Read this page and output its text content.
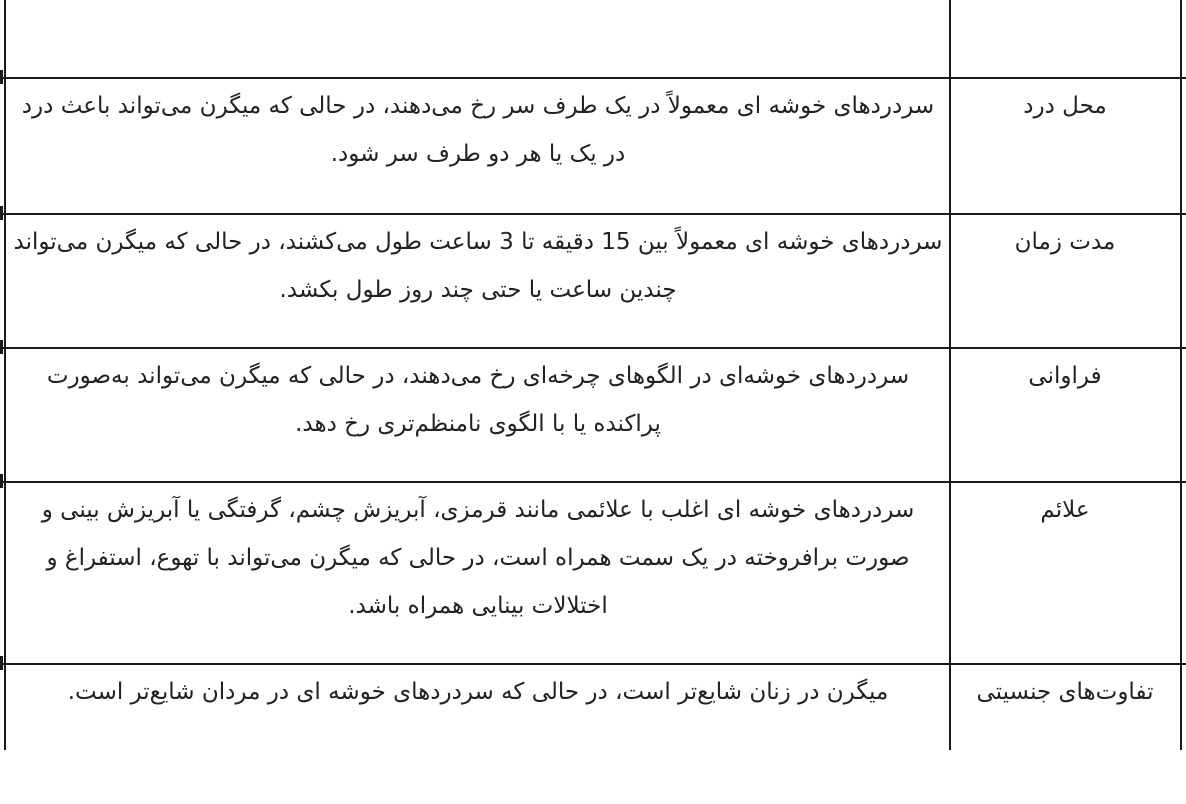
سردردهای خوشه ای معمولاً در یک طرف سر رخ می‌دهند، در حالی که میگرن می‌تواند باعث درد در یک یا هر دو طرف سر شود.
محل درد
سردردهای خوشه ای معمولاً بین 15 دقیقه تا 3 ساعت طول می‌کشند، در حالی که میگرن می‌تواند چندین ساعت یا حتی چند روز طول بکشد.
مدت زمان
سردردهای خوشه‌ای در الگوهای چرخه‌ای رخ می‌دهند، در حالی که میگرن می‌تواند به‌صورت پراکنده یا با الگوی نامنظم‌تری رخ دهد.
فراوانی
سردردهای خوشه ای اغلب با علائمی مانند قرمزی، آبریزش چشم، گرفتگی یا آبریزش بینی و صورت برافروخته در یک سمت همراه است، در حالی که میگرن می‌تواند با تهوع، استفراغ و اختلالات بینایی همراه باشد.
علائم
میگرن در زنان شایع‌تر است، در حالی که سردردهای خوشه ای در مردان شایع‌تر است.	تفاوت‌های جنسیتی
